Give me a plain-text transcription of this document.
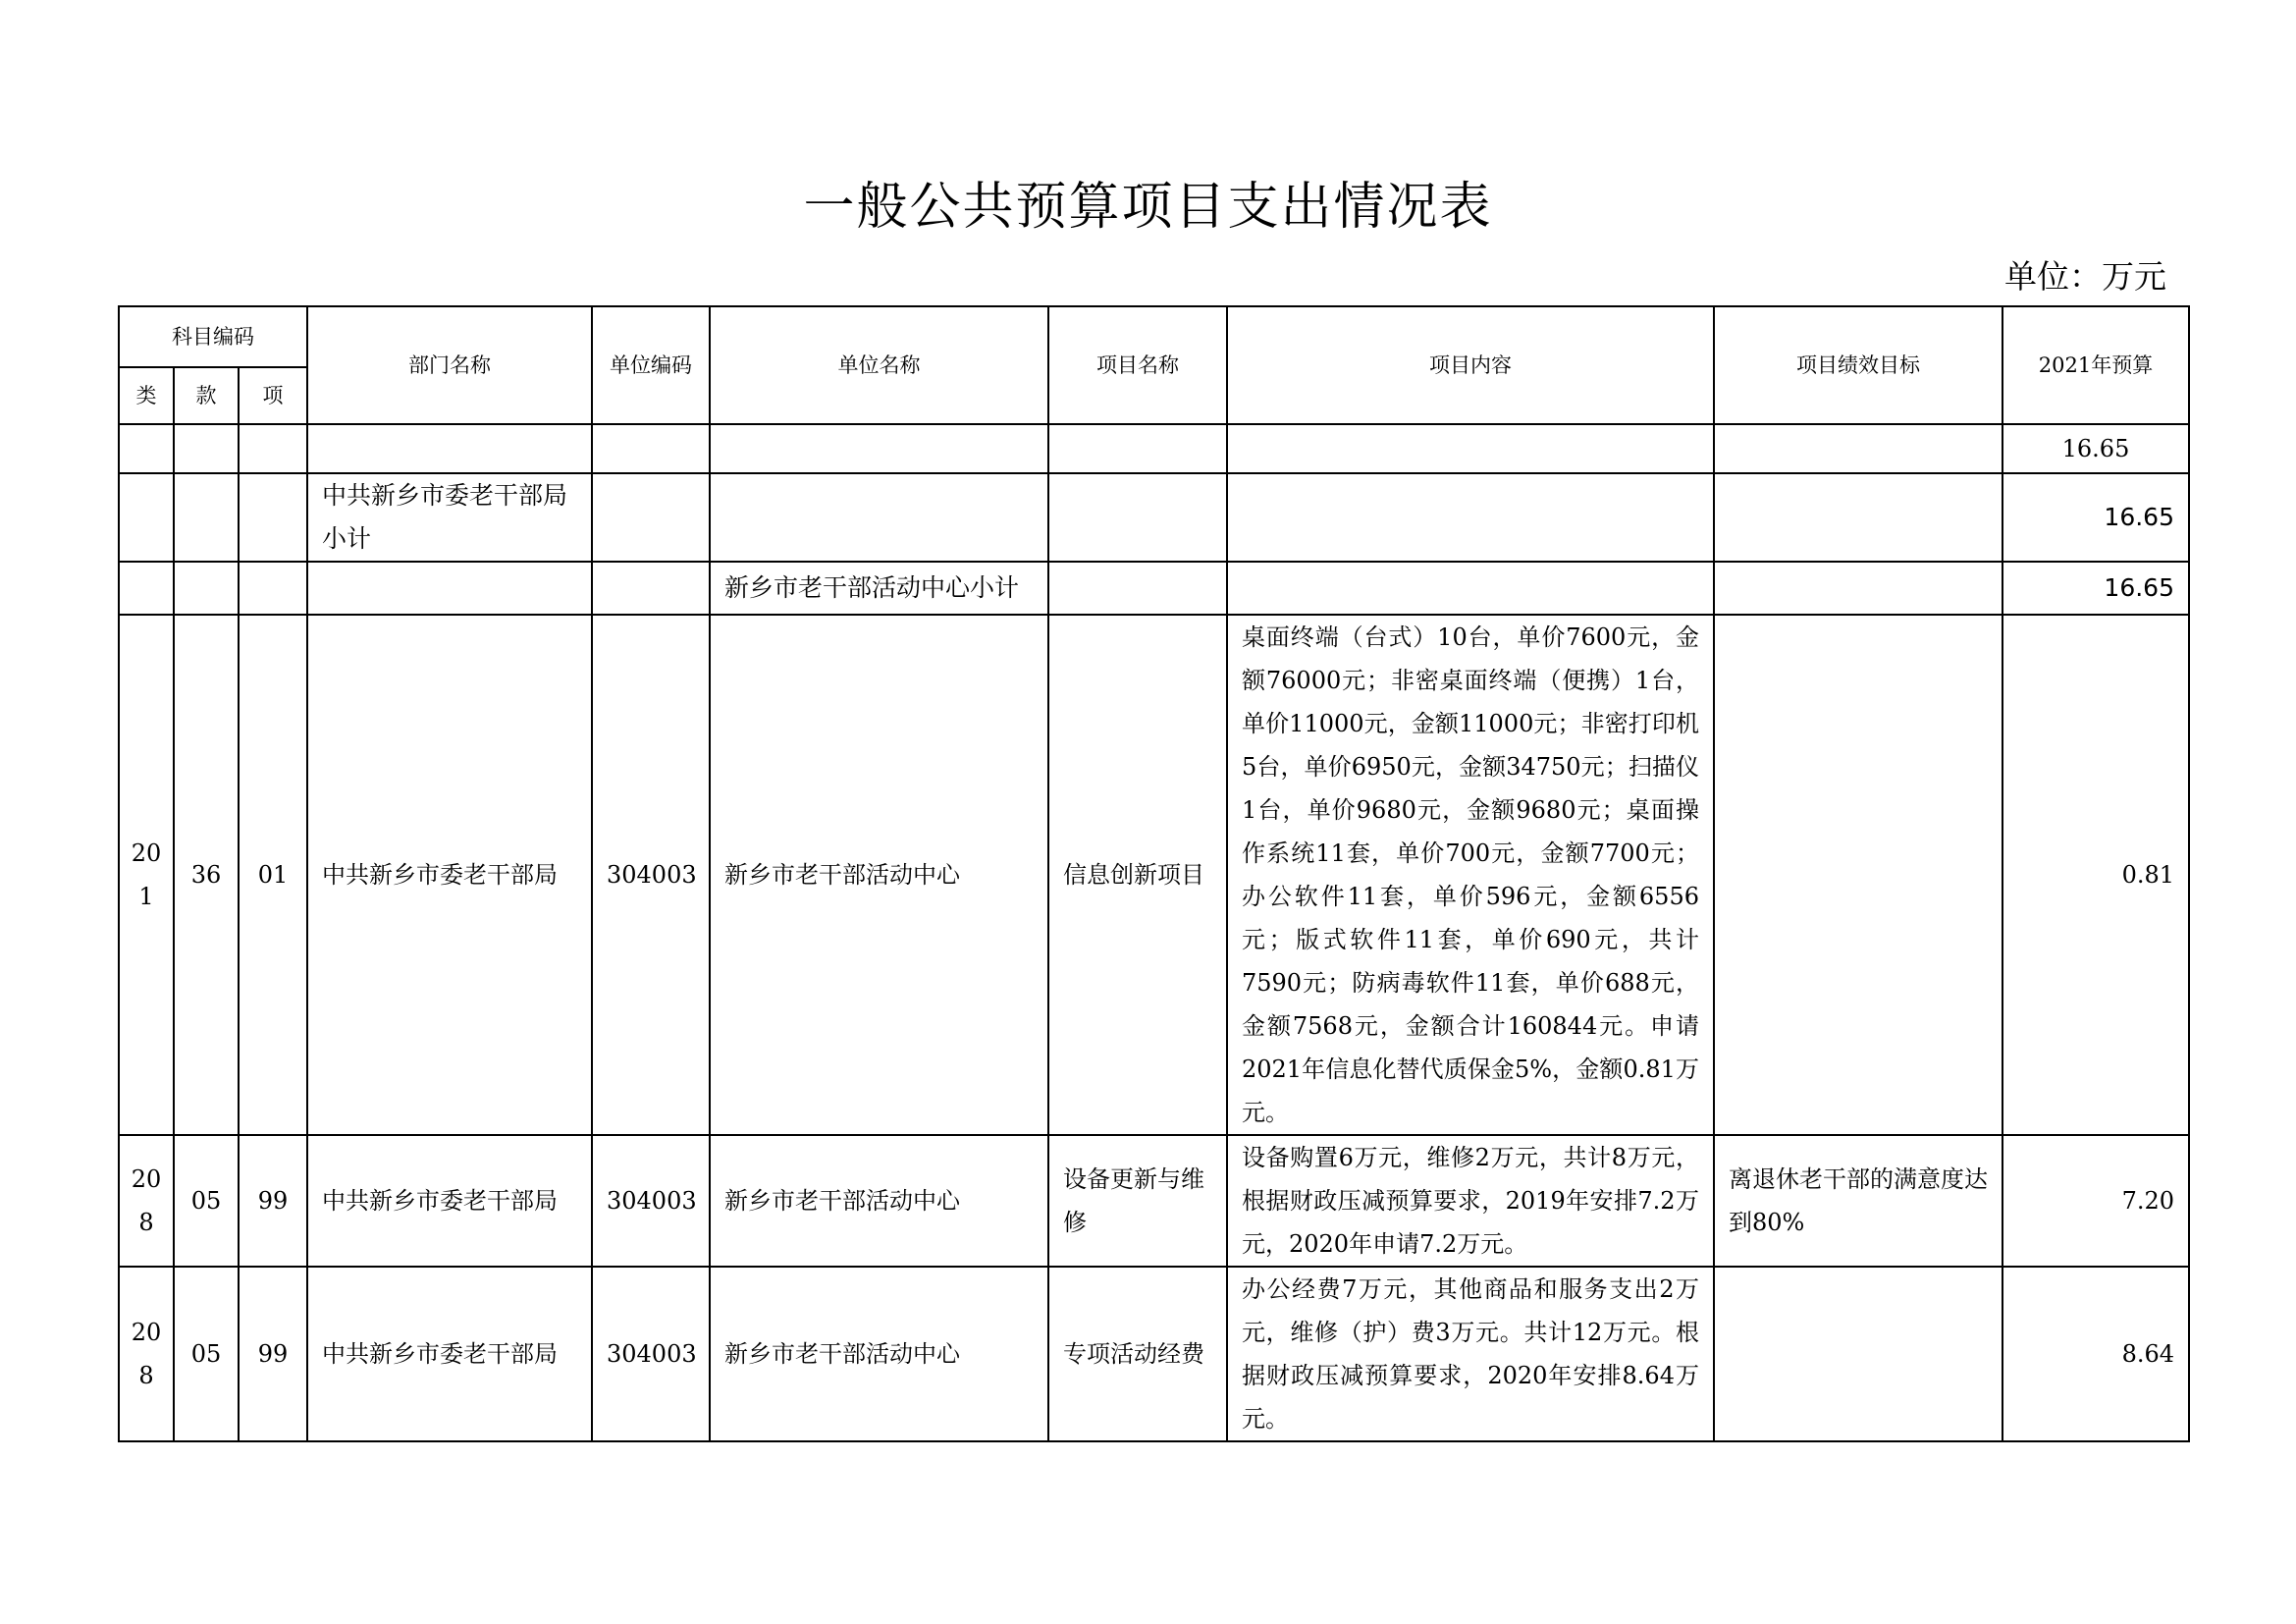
一般公共预算项目支出情况表
单位：万元
科目编码			部门名称	单位编码	单位名称	项目名称	项目内容	项目绩效目标	2021年预算
类	款	项							
									16.65
			中共新乡市委老干部局小计						16.65
					新乡市老干部活动中心小计				16.65
201	36	01	中共新乡市委老干部局	304003	新乡市老干部活动中心	信息创新项目	桌面终端（台式）10台，单价7600元，金额76000元；非密桌面终端（便携）1台，单价11000元，金额11000元；非密打印机5台，单价6950元，金额34750元；扫描仪1台，单价9680元，金额9680元；桌面操作系统11套，单价700元，金额7700元；办公软件11套，单价596元，金额6556元；版式软件11套，单价690元，共计7590元；防病毒软件11套，单价688元，金额7568元，金额合计160844元。申请2021年信息化替代质保金5%，金额0.81万元。		0.81
208	05	99	中共新乡市委老干部局	304003	新乡市老干部活动中心	设备更新与维修	设备购置6万元，维修2万元，共计8万元，根据财政压减预算要求，2019年安排7.2万元，2020年申请7.2万元。	离退休老干部的满意度达到80%	7.20
208	05	99	中共新乡市委老干部局	304003	新乡市老干部活动中心	专项活动经费	办公经费7万元，其他商品和服务支出2万元，维修（护）费3万元。共计12万元。根据财政压减预算要求，2020年安排8.64万元。		8.64
